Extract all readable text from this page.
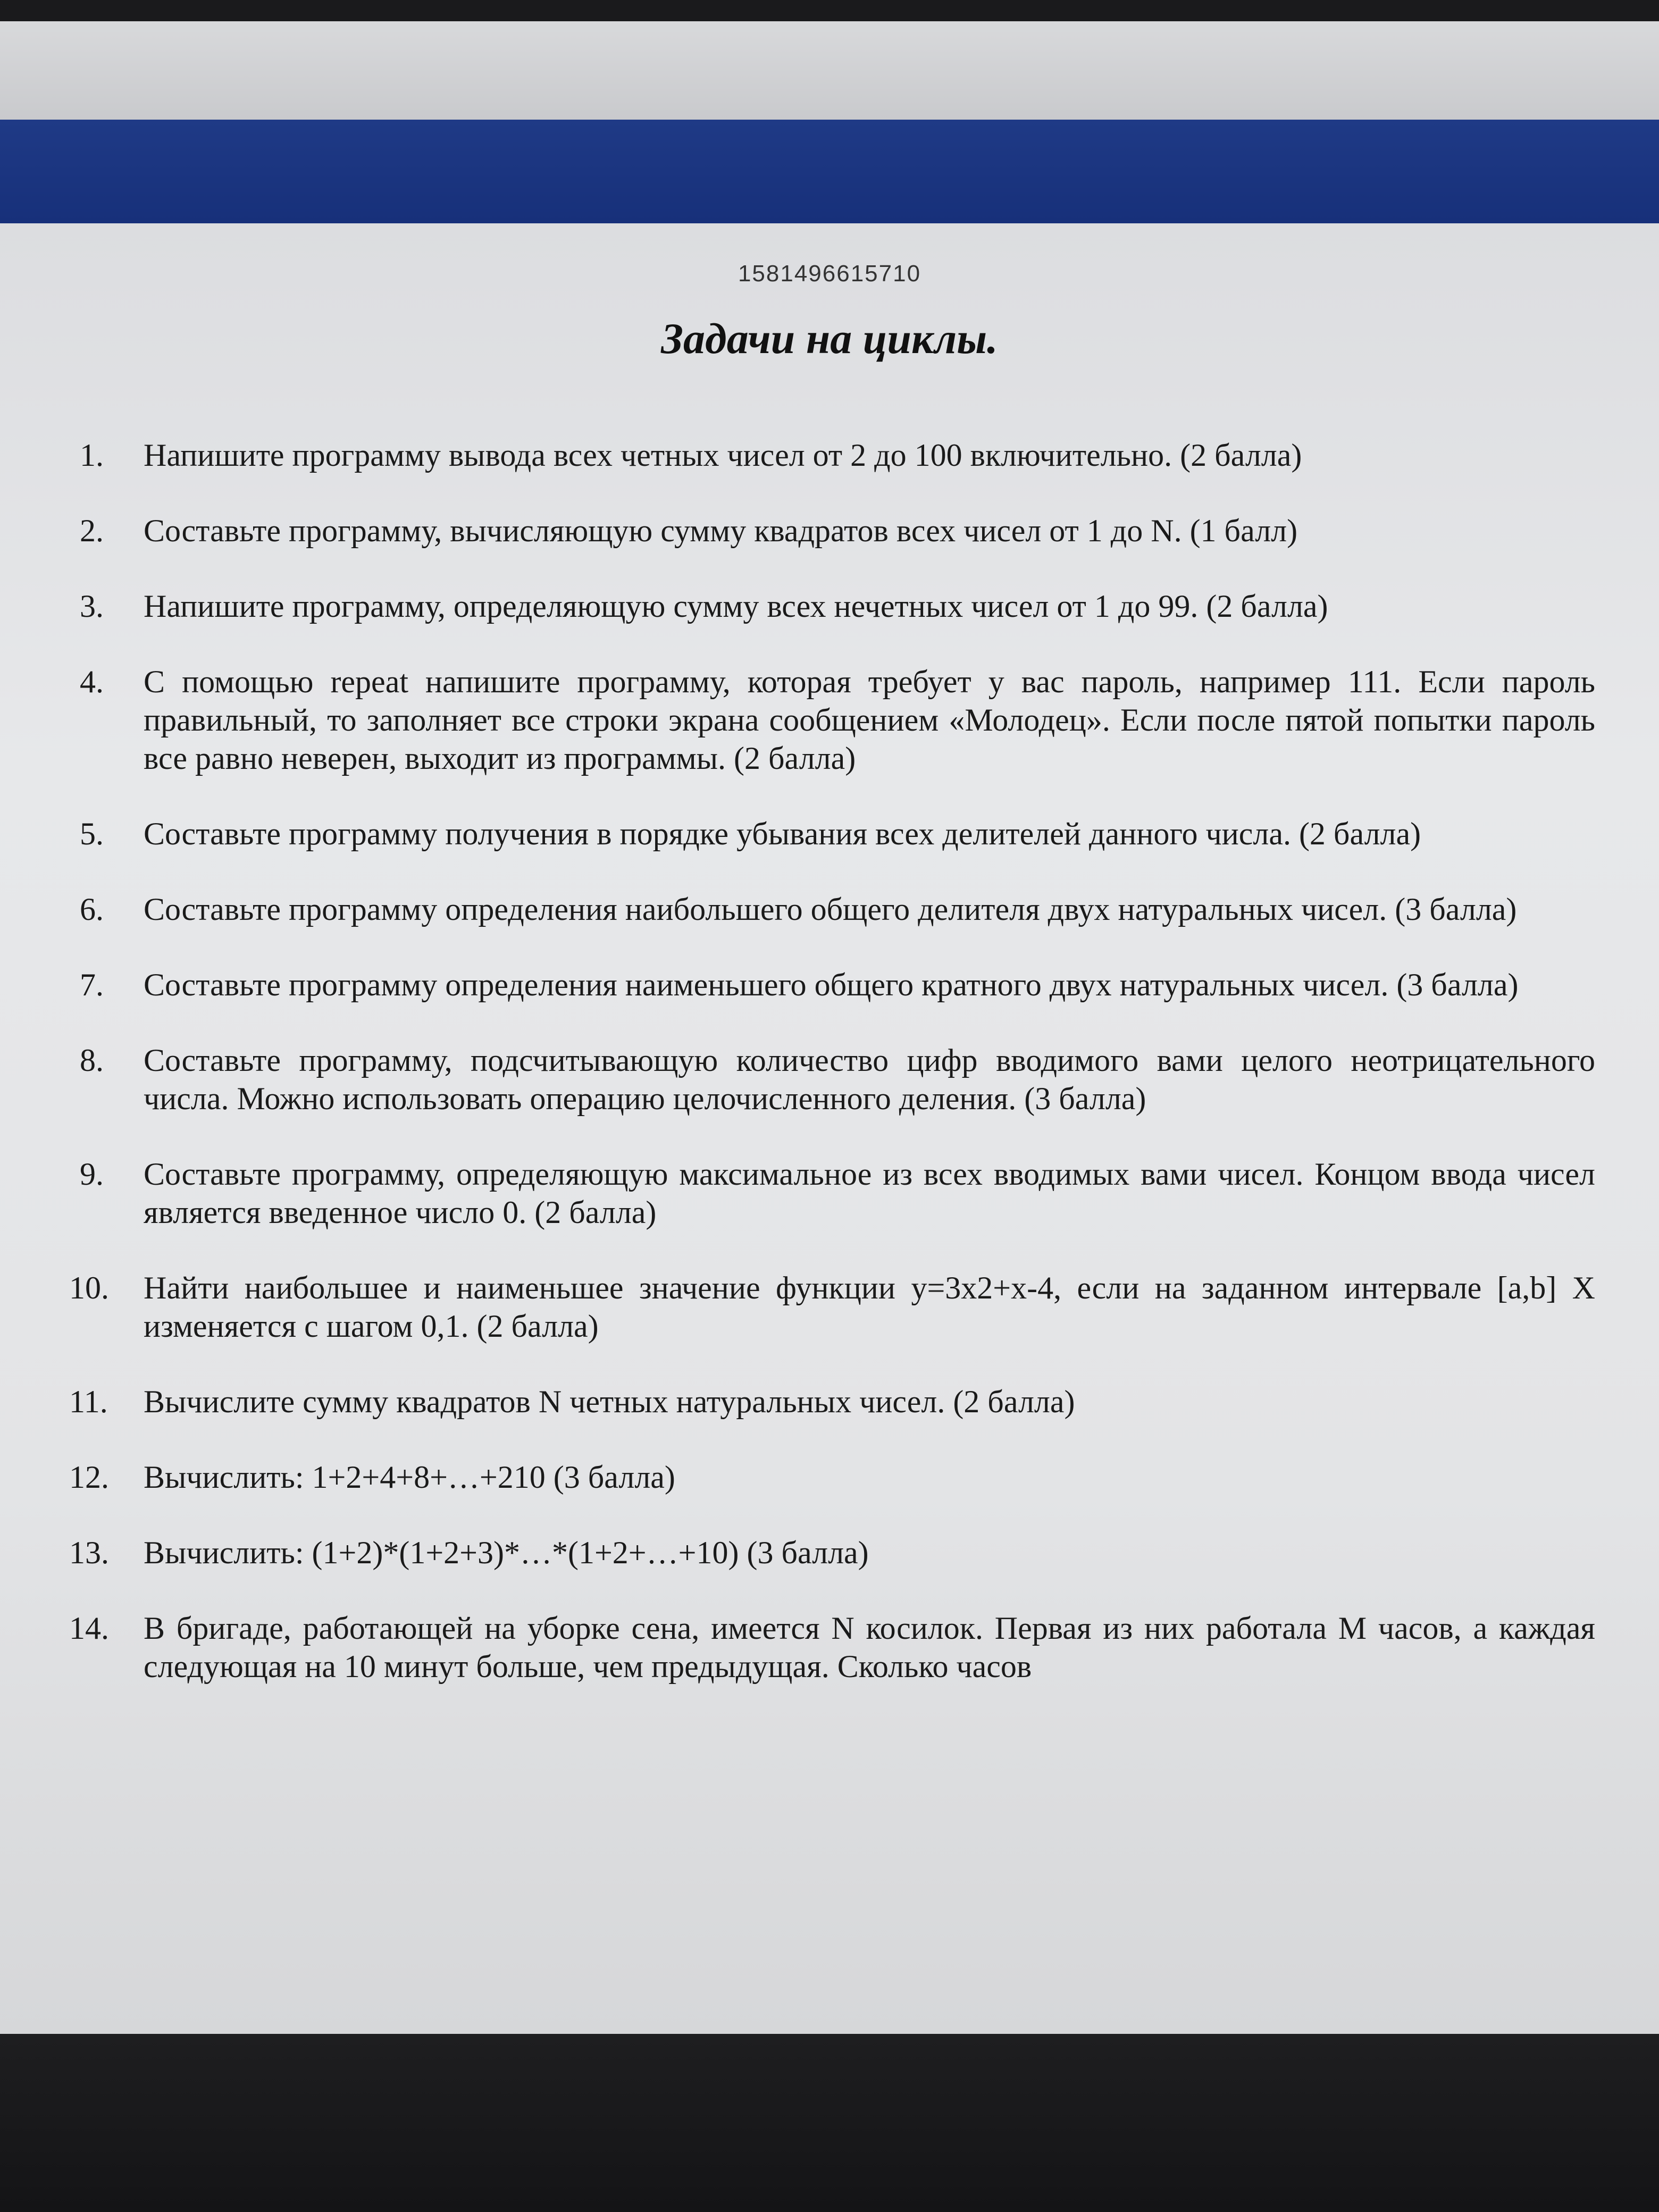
1581496615710
Задачи на циклы.
1.	Напишите программу вывода всех четных чисел от 2 до 100 включительно. (2 балла)
2.	Составьте программу, вычисляющую сумму квадратов всех чисел от 1 до N. (1 балл)
3.	Напишите программу, определяющую сумму всех нечетных чисел от 1 до 99. (2 балла)
4.	С помощью repeat напишите программу, которая требует у вас пароль, например 111. Если пароль правильный, то заполняет все строки экрана сообщением «Молодец». Если после пятой попытки пароль все равно неверен, выходит из программы. (2 балла)
5.	Составьте программу получения в порядке убывания всех делителей данного числа. (2 балла)
6.	Составьте программу определения наибольшего общего делителя двух натуральных чисел. (3 балла)
7.	Составьте программу определения наименьшего общего кратного двух натуральных чисел. (3 балла)
8.	Составьте программу, подсчитывающую количество цифр вводимого вами целого неотрицательного числа. Можно использовать операцию целочисленного деления. (3 балла)
9.	Составьте программу, определяющую максимальное из всех вводимых вами чисел. Концом ввода чисел является введенное число 0. (2 балла)
10.	Найти наибольшее и наименьшее значение функции y=3x2+x-4, если на заданном интервале [a,b] X изменяется с шагом 0,1. (2 балла)
11.	Вычислите сумму квадратов N четных натуральных чисел. (2 балла)
12.	Вычислить: 1+2+4+8+…+210 (3 балла)
13.	Вычислить: (1+2)*(1+2+3)*…*(1+2+…+10) (3 балла)
14.	В бригаде, работающей на уборке сена, имеется N косилок. Первая из них работала M часов, а каждая следующая на 10 минут больше, чем предыдущая. Сколько часов
